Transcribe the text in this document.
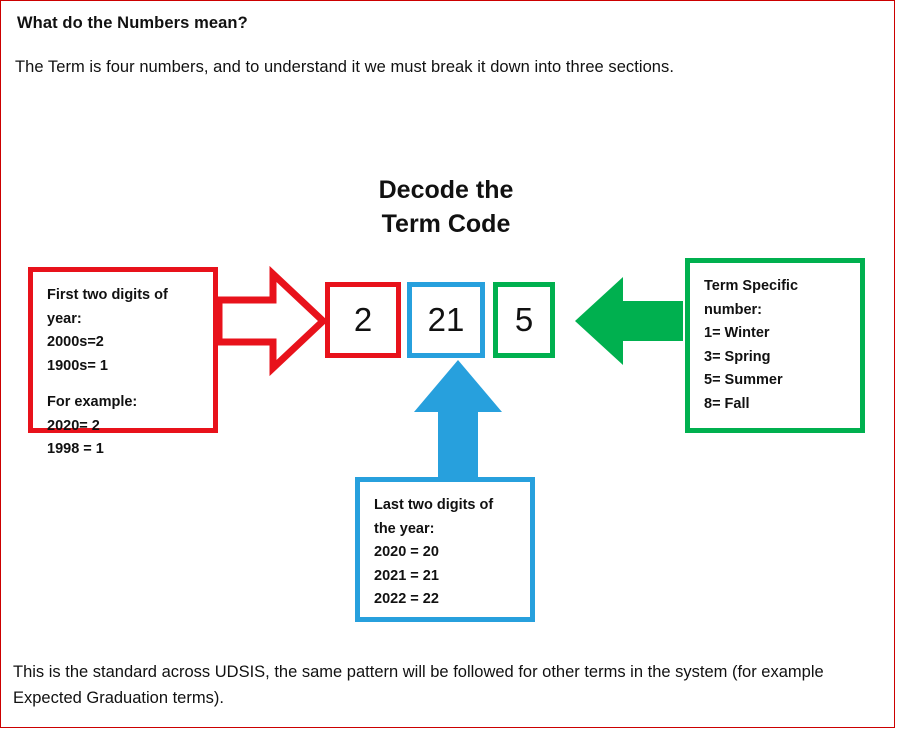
What do the Numbers mean?
The Term is four numbers, and to understand it we must break it down into three sections.
Decode the
Term Code
2	21	5
First two digits of year:
2000s=2
1900s= 1
For example:
2020= 2
1998 = 1
Term Specific
number:
1= Winter
3= Spring
5= Summer
8= Fall
Last two digits of
the year:
2020 = 20
2021 = 21
2022 = 22
This is the standard across UDSIS, the same pattern will be followed for other terms in the system (for example Expected Graduation terms).
